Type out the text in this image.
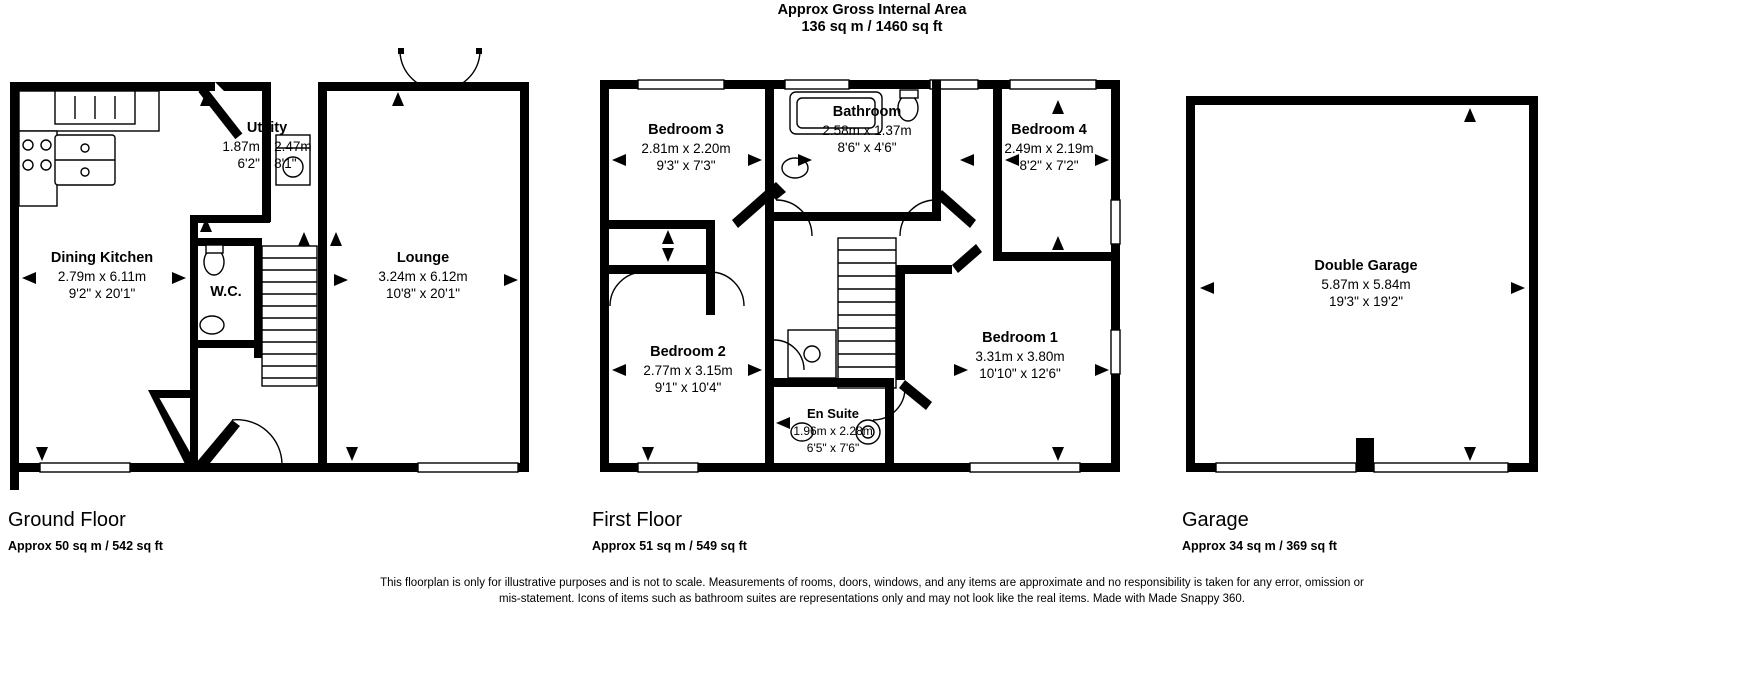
Approx Gross Internal Area
136 sq m / 1460 sq ft
Utility
1.87m x 2.47m
6'2" x 8'1"
Dining Kitchen
2.79m x 6.11m
9'2" x 20'1"	W.C.
Lounge
3.24m x 6.12m
10'8" x 20'1"
Ground Floor
Approx 50 sq m / 542 sq ft
Bedroom 3
2.81m x 2.20m
9'3" x 7'3"
Bathroom
2.58m x 1.37m
8'6" x 4'6"
Bedroom 4
2.49m x 2.19m
8'2" x 7'2"
Bedroom 2
2.77m x 3.15m
9'1" x 10'4"
Bedroom 1
3.31m x 3.80m
10'10" x 12'6"
En Suite
1.96m x 2.28m
6'5" x 7'6"
First Floor
Approx 51 sq m / 549 sq ft
Double Garage
5.87m x 5.84m
19'3" x 19'2"
Garage
Approx 34 sq m / 369 sq ft
This floorplan is only for illustrative purposes and is not to scale. Measurements of rooms, doors, windows, and any items are approximate and no responsibility is taken for any error, omission or mis-statement. Icons of items such as bathroom suites are representations only and may not look like the real items. Made with Made Snappy 360.
